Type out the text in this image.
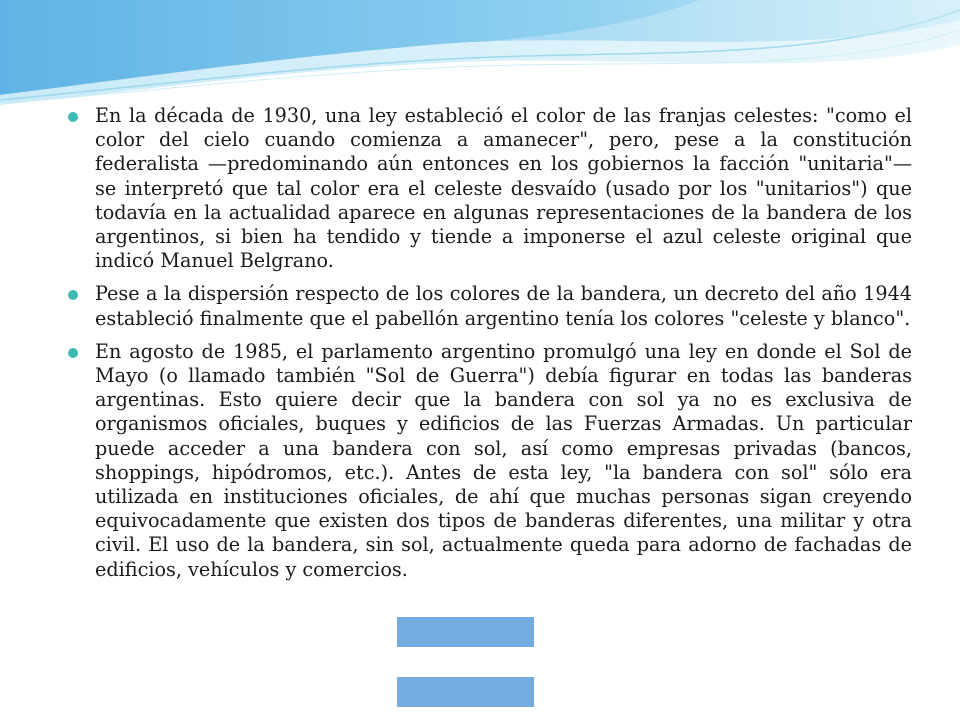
En la década de 1930, una ley estableció el color de las franjas celestes: "como el color del cielo cuando comienza a amanecer", pero, pese a la constitución federalista —predominando aún entonces en los gobiernos la facción "unitaria"— se interpretó que tal color era el celeste desvaído (usado por los "unitarios") que todavía en la actualidad aparece en algunas representaciones de la bandera de los argentinos, si bien ha tendido y tiende a imponerse el azul celeste original que indicó Manuel Belgrano.

Pese a la dispersión respecto de los colores de la bandera, un decreto del año 1944 estableció finalmente que el pabellón argentino tenía los colores "celeste y blanco".

En agosto de 1985, el parlamento argentino promulgó una ley en donde el Sol de Mayo (o llamado también "Sol de Guerra") debía figurar en todas las banderas argentinas. Esto quiere decir que la bandera con sol ya no es exclusiva de organismos oficiales, buques y edificios de las Fuerzas Armadas. Un particular puede acceder a una bandera con sol, así como empresas privadas (bancos, shoppings, hipódromos, etc.). Antes de esta ley, "la bandera con sol" sólo era utilizada en instituciones oficiales, de ahí que muchas personas sigan creyendo equivocadamente que existen dos tipos de banderas diferentes, una militar y otra civil. El uso de la bandera, sin sol, actualmente queda para adorno de fachadas de edificios, vehículos y comercios.
